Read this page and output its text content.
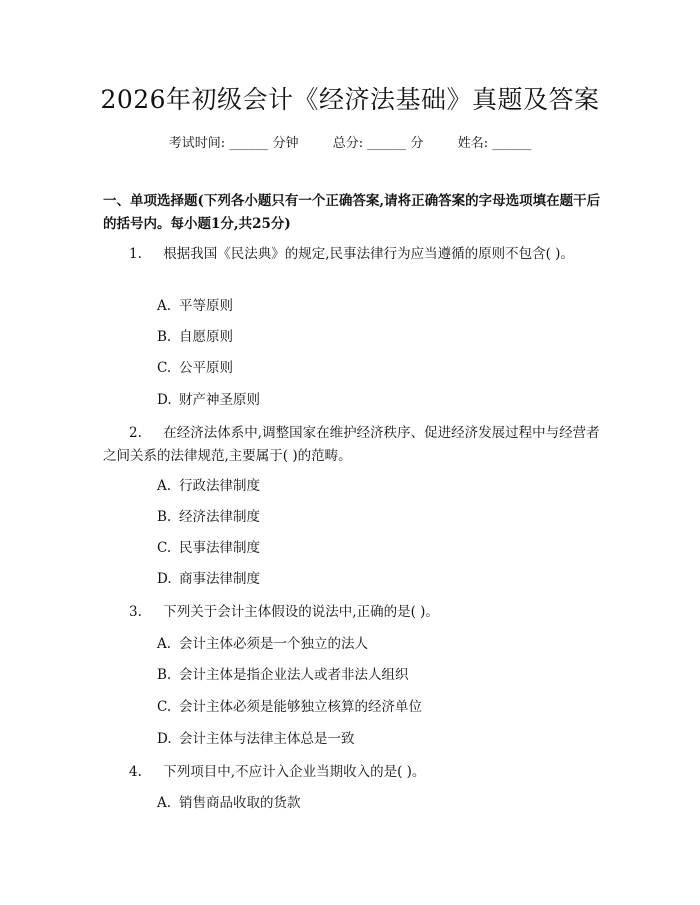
2026年初级会计《经济法基础》真题及答案
考试时间: ______ 分钟	总分: ______ 分	姓名: ______
一、单项选择题(下列各小题只有一个正确答案,请将正确答案的字母选项填在题干后的括号内。每小题1分,共25分)
1. 根据我国《民法典》的规定,民事法律行为应当遵循的原则不包含( )。
A. 平等原则
B. 自愿原则
C. 公平原则
D. 财产神圣原则
2. 在经济法体系中,调整国家在维护经济秩序、促进经济发展过程中与经营者之间关系的法律规范,主要属于( )的范畴。
A. 行政法律制度
B. 经济法律制度
C. 民事法律制度
D. 商事法律制度
3. 下列关于会计主体假设的说法中,正确的是( )。
A. 会计主体必须是一个独立的法人
B. 会计主体是指企业法人或者非法人组织
C. 会计主体必须是能够独立核算的经济单位
D. 会计主体与法律主体总是一致
4. 下列项目中,不应计入企业当期收入的是( )。
A. 销售商品收取的货款
